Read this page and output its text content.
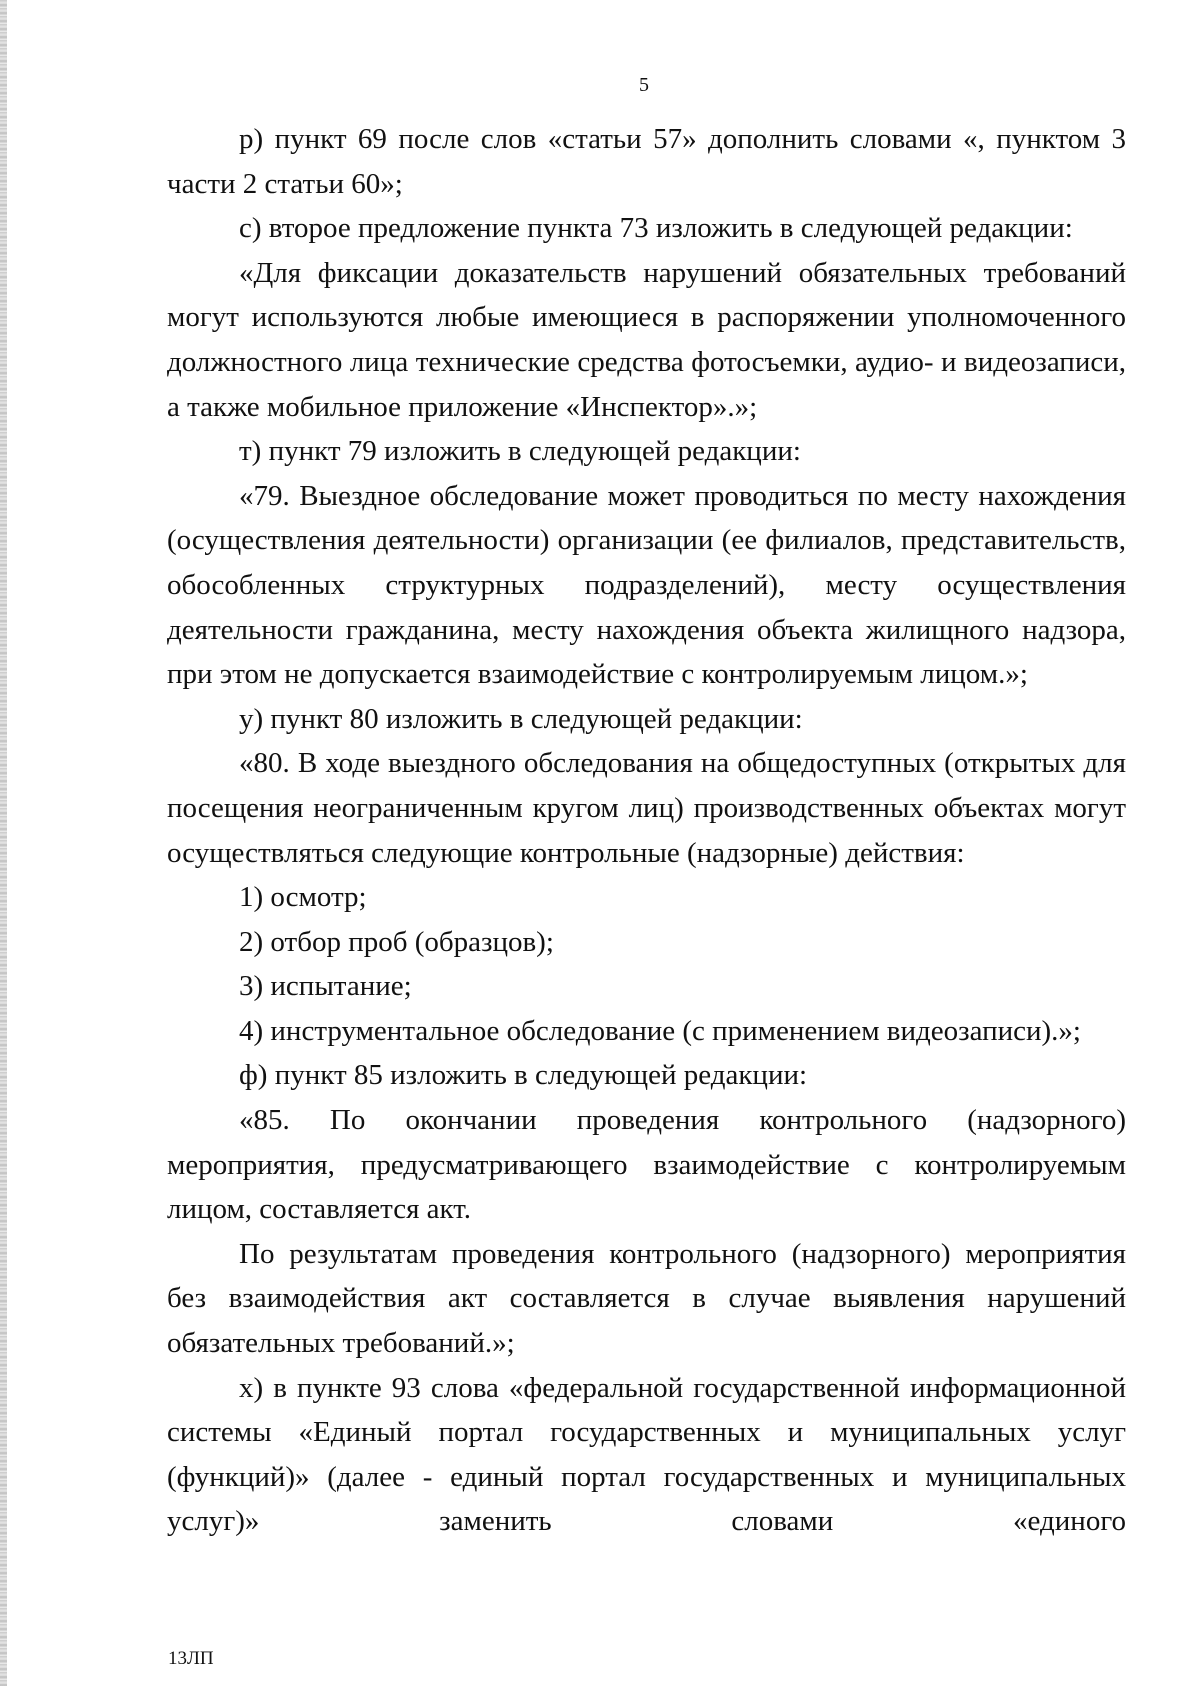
5

р) пункт 69 после слов «статьи 57» дополнить словами «, пунктом 3 части 2 статьи 60»;

с) второе предложение пункта 73 изложить в следующей редакции:

«Для фиксации доказательств нарушений обязательных требований могут используются любые имеющиеся в распоряжении уполномоченного должностного лица технические средства фотосъемки, аудио- и видеозаписи, а также мобильное приложение «Инспектор».»;

т) пункт 79 изложить в следующей редакции:

«79. Выездное обследование может проводиться по месту нахождения (осуществления деятельности) организации (ее филиалов, представительств, обособленных структурных подразделений), месту осуществления деятельности гражданина, месту нахождения объекта жилищного надзора, при этом не допускается взаимодействие с контролируемым лицом.»;

у) пункт 80 изложить в следующей редакции:

«80. В ходе выездного обследования на общедоступных (открытых для посещения неограниченным кругом лиц) производственных объектах могут осуществляться следующие контрольные (надзорные) действия:

1) осмотр;

2) отбор проб (образцов);

3) испытание;

4) инструментальное обследование (с применением видеозаписи).»;

ф) пункт 85 изложить в следующей редакции:

«85. По окончании проведения контрольного (надзорного) мероприятия, предусматривающего взаимодействие с контролируемым лицом, составляется акт.

По результатам проведения контрольного (надзорного) мероприятия без взаимодействия акт составляется в случае выявления нарушений обязательных требований.»;

х) в пункте 93 слова «федеральной государственной информационной системы «Единый портал государственных и муниципальных услуг (функций)» (далее - единый портал государственных и муниципальных услуг)» заменить словами «единого

13ЛП
